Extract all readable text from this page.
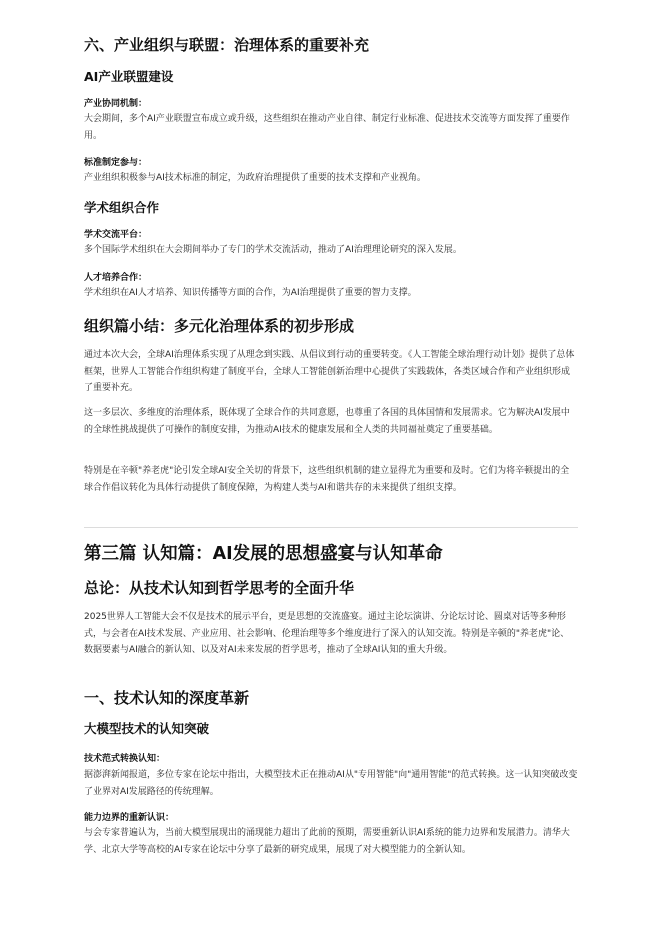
六、产业组织与联盟：治理体系的重要补充
AI产业联盟建设

产业协同机制：

大会期间，多个AI产业联盟宣布成立或升级，这些组织在推动产业自律、制定行业标准、促进技术交流等方面发挥了重要作用。

标准制定参与：

产业组织积极参与AI技术标准的制定，为政府治理提供了重要的技术支撑和产业视角。

学术组织合作

学术交流平台：

多个国际学术组织在大会期间举办了专门的学术交流活动，推动了AI治理理论研究的深入发展。

人才培养合作：

学术组织在AI人才培养、知识传播等方面的合作，为AI治理提供了重要的智力支撑。

组织篇小结：多元化治理体系的初步形成

通过本次大会，全球AI治理体系实现了从理念到实践、从倡议到行动的重要转变。《人工智能全球治理行动计划》提供了总体框架，世界人工智能合作组织构建了制度平台，全球人工智能创新治理中心提供了实践载体，各类区域合作和产业组织形成了重要补充。

这一多层次、多维度的治理体系，既体现了全球合作的共同意愿，也尊重了各国的具体国情和发展需求。它为解决AI发展中的全球性挑战提供了可操作的制度安排，为推动AI技术的健康发展和全人类的共同福祉奠定了重要基础。

特别是在辛顿"养老虎"论引发全球AI安全关切的背景下，这些组织机制的建立显得尤为重要和及时。它们为将辛顿提出的全球合作倡议转化为具体行动提供了制度保障，为构建人类与AI和谐共存的未来提供了组织支撑。

第三篇 认知篇：AI发展的思想盛宴与认知革命
总论：从技术认知到哲学思考的全面升华

2025世界人工智能大会不仅是技术的展示平台，更是思想的交流盛宴。通过主论坛演讲、分论坛讨论、圆桌对话等多种形式，与会者在AI技术发展、产业应用、社会影响、伦理治理等多个维度进行了深入的认知交流。特别是辛顿的"养老虎"论、数据要素与AI融合的新认知、以及对AI未来发展的哲学思考，推动了全球AI认知的重大升级。

一、技术认知的深度革新
大模型技术的认知突破

技术范式转换认知：

据澎湃新闻报道，多位专家在论坛中指出，大模型技术正在推动AI从"专用智能"向"通用智能"的范式转换。这一认知突破改变了业界对AI发展路径的传统理解。

能力边界的重新认识：

与会专家普遍认为，当前大模型展现出的涌现能力超出了此前的预期，需要重新认识AI系统的能力边界和发展潜力。清华大学、北京大学等高校的AI专家在论坛中分享了最新的研究成果，展现了对大模型能力的全新认知。
